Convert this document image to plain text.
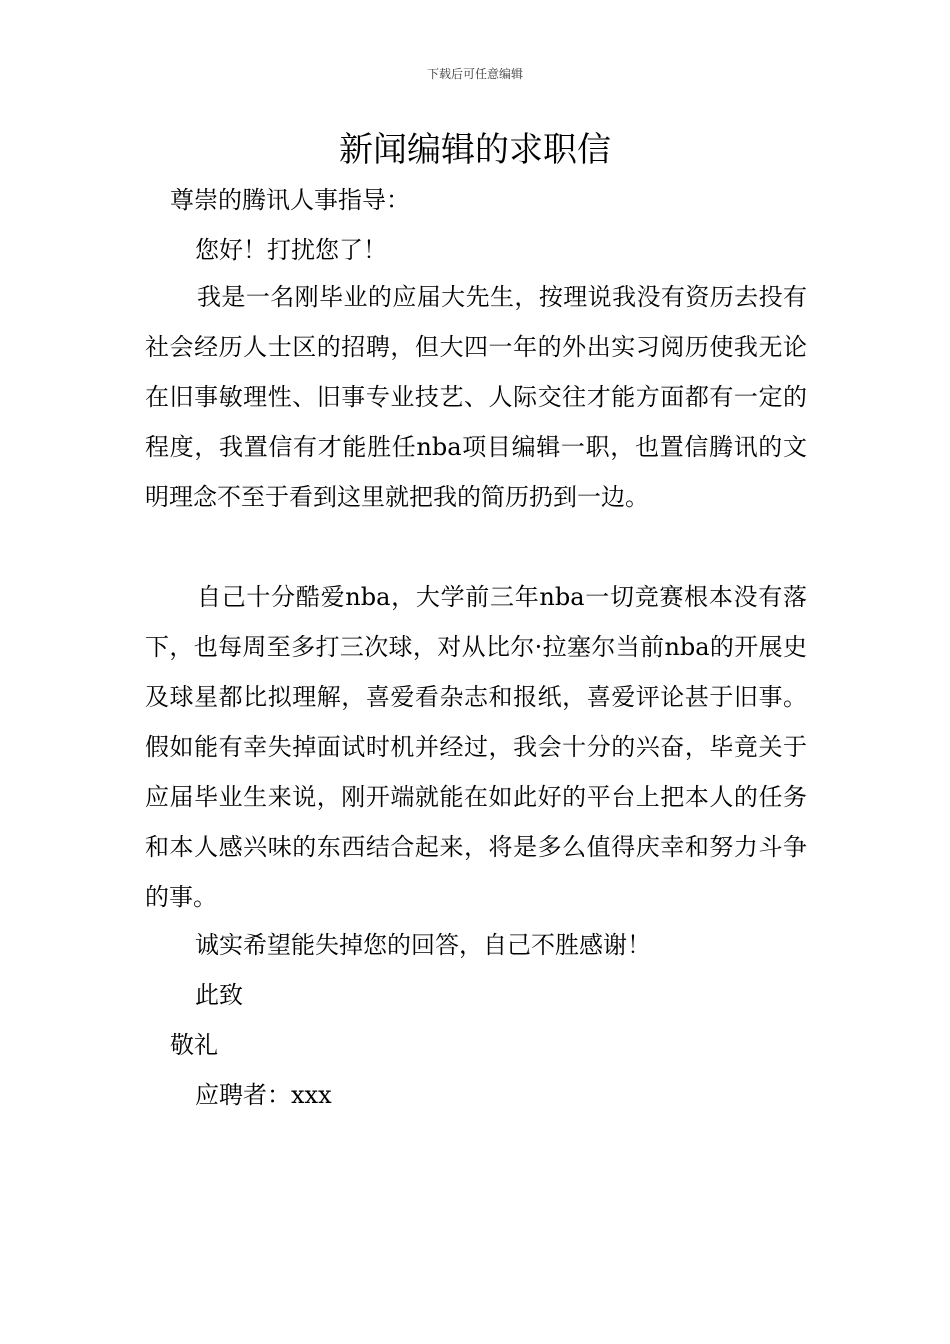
下载后可任意编辑
新闻编辑的求职信

尊崇的腾讯人事指导：

您好！打扰您了！

我是一名刚毕业的应届大先生，按理说我没有资历去投有社会经历人士区的招聘，但大四一年的外出实习阅历使我无论在旧事敏理性、旧事专业技艺、人际交往才能方面都有一定的程度，我置信有才能胜任nba项目编辑一职，也置信腾讯的文明理念不至于看到这里就把我的简历扔到一边。

自己十分酷爱nba，大学前三年nba一切竞赛根本没有落下，也每周至多打三次球，对从比尔·拉塞尔当前nba的开展史及球星都比拟理解，喜爱看杂志和报纸，喜爱评论甚于旧事。假如能有幸失掉面试时机并经过，我会十分的兴奋，毕竟关于应届毕业生来说，刚开端就能在如此好的平台上把本人的任务和本人感兴味的东西结合起来，将是多么值得庆幸和努力斗争的事。

诚实希望能失掉您的回答，自己不胜感谢！

此致

敬礼

应聘者：xxx
